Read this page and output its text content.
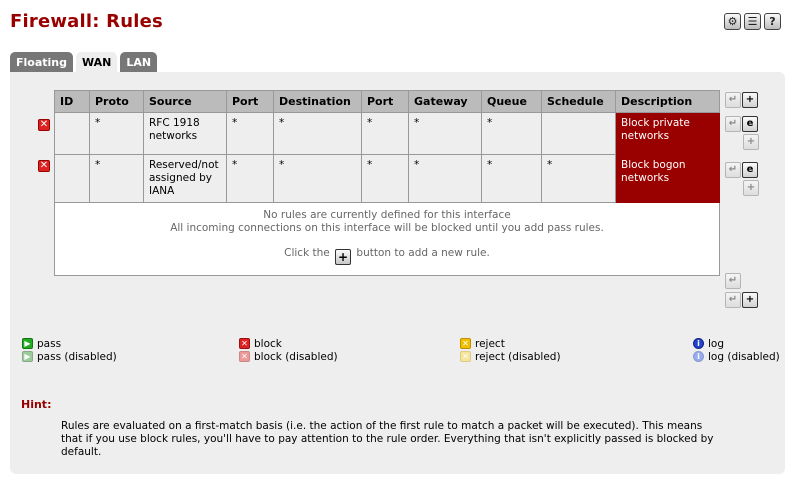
Firewall: Rules	⚙ ☰	?
Floating	WAN	LAN
✕
✕
ID	Proto	Source	Port	Destination	Port	Gateway	Queue	Schedule	Description
	*	RFC 1918 networks	*	*	*	*	*		Block private networks
	*	Reserved/not assigned by IANA	*	*	*	*	*	*	Block bogon networks
No rules are currently defined for this interface
All incoming connections on this interface will be blocked until you add pass rules.
Click the + button to add a new rule.									
↵ +
↵ e
+
↵ e
+
↵
↵ +
▶ pass
▶ pass (disabled)
✕ block
✕ block (disabled)
✕ reject
✕ reject (disabled)
i log
i log (disabled)
Hint:
Rules are evaluated on a first-match basis (i.e. the action of the first rule to match a packet will be executed). This means that if you use block rules, you'll have to pay attention to the rule order. Everything that isn't explicitly passed is blocked by default.
